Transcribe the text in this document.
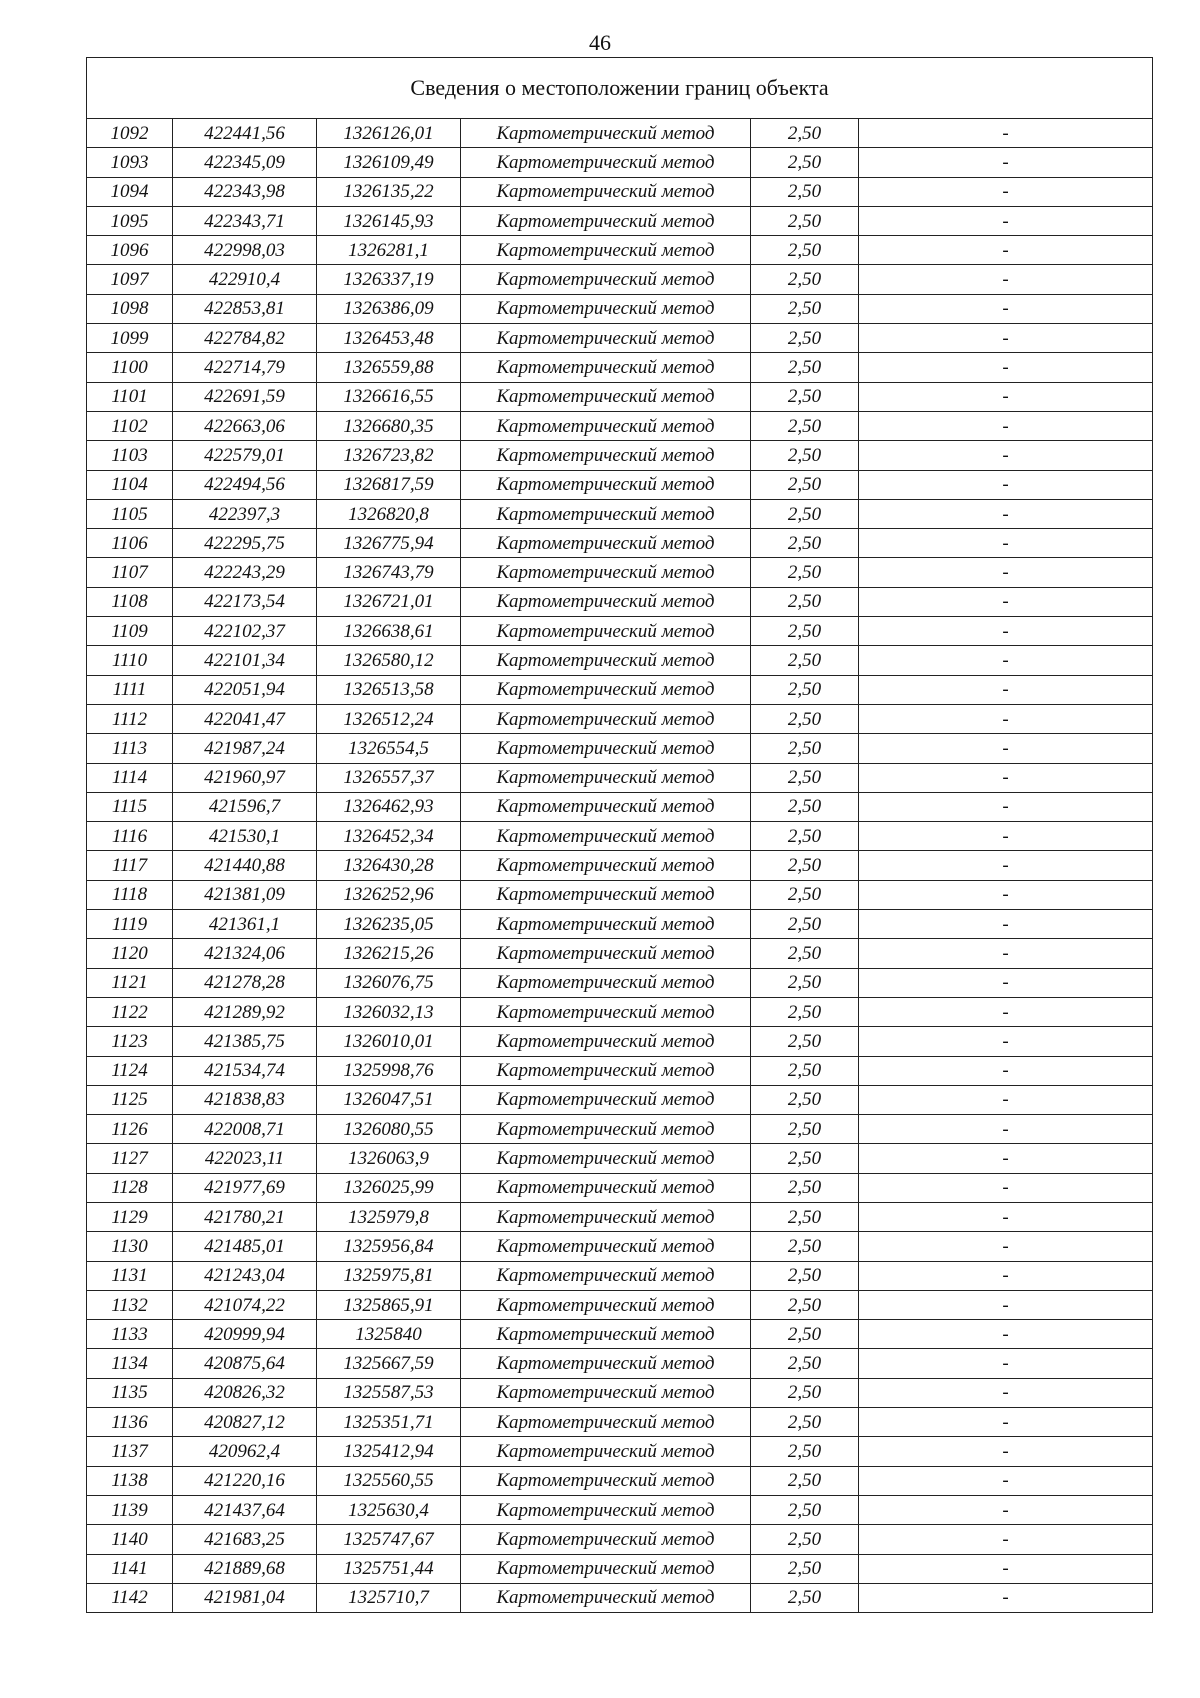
46
Сведения о местоположении границ объекта					
1092	422441,56	1326126,01	Картометрический метод	2,50	-
1093	422345,09	1326109,49	Картометрический метод	2,50	-
1094	422343,98	1326135,22	Картометрический метод	2,50	-
1095	422343,71	1326145,93	Картометрический метод	2,50	-
1096	422998,03	1326281,1	Картометрический метод	2,50	-
1097	422910,4	1326337,19	Картометрический метод	2,50	-
1098	422853,81	1326386,09	Картометрический метод	2,50	-
1099	422784,82	1326453,48	Картометрический метод	2,50	-
1100	422714,79	1326559,88	Картометрический метод	2,50	-
1101	422691,59	1326616,55	Картометрический метод	2,50	-
1102	422663,06	1326680,35	Картометрический метод	2,50	-
1103	422579,01	1326723,82	Картометрический метод	2,50	-
1104	422494,56	1326817,59	Картометрический метод	2,50	-
1105	422397,3	1326820,8	Картометрический метод	2,50	-
1106	422295,75	1326775,94	Картометрический метод	2,50	-
1107	422243,29	1326743,79	Картометрический метод	2,50	-
1108	422173,54	1326721,01	Картометрический метод	2,50	-
1109	422102,37	1326638,61	Картометрический метод	2,50	-
1110	422101,34	1326580,12	Картометрический метод	2,50	-
1111	422051,94	1326513,58	Картометрический метод	2,50	-
1112	422041,47	1326512,24	Картометрический метод	2,50	-
1113	421987,24	1326554,5	Картометрический метод	2,50	-
1114	421960,97	1326557,37	Картометрический метод	2,50	-
1115	421596,7	1326462,93	Картометрический метод	2,50	-
1116	421530,1	1326452,34	Картометрический метод	2,50	-
1117	421440,88	1326430,28	Картометрический метод	2,50	-
1118	421381,09	1326252,96	Картометрический метод	2,50	-
1119	421361,1	1326235,05	Картометрический метод	2,50	-
1120	421324,06	1326215,26	Картометрический метод	2,50	-
1121	421278,28	1326076,75	Картометрический метод	2,50	-
1122	421289,92	1326032,13	Картометрический метод	2,50	-
1123	421385,75	1326010,01	Картометрический метод	2,50	-
1124	421534,74	1325998,76	Картометрический метод	2,50	-
1125	421838,83	1326047,51	Картометрический метод	2,50	-
1126	422008,71	1326080,55	Картометрический метод	2,50	-
1127	422023,11	1326063,9	Картометрический метод	2,50	-
1128	421977,69	1326025,99	Картометрический метод	2,50	-
1129	421780,21	1325979,8	Картометрический метод	2,50	-
1130	421485,01	1325956,84	Картометрический метод	2,50	-
1131	421243,04	1325975,81	Картометрический метод	2,50	-
1132	421074,22	1325865,91	Картометрический метод	2,50	-
1133	420999,94	1325840	Картометрический метод	2,50	-
1134	420875,64	1325667,59	Картометрический метод	2,50	-
1135	420826,32	1325587,53	Картометрический метод	2,50	-
1136	420827,12	1325351,71	Картометрический метод	2,50	-
1137	420962,4	1325412,94	Картометрический метод	2,50	-
1138	421220,16	1325560,55	Картометрический метод	2,50	-
1139	421437,64	1325630,4	Картометрический метод	2,50	-
1140	421683,25	1325747,67	Картометрический метод	2,50	-
1141	421889,68	1325751,44	Картометрический метод	2,50	-
1142	421981,04	1325710,7	Картометрический метод	2,50	-
